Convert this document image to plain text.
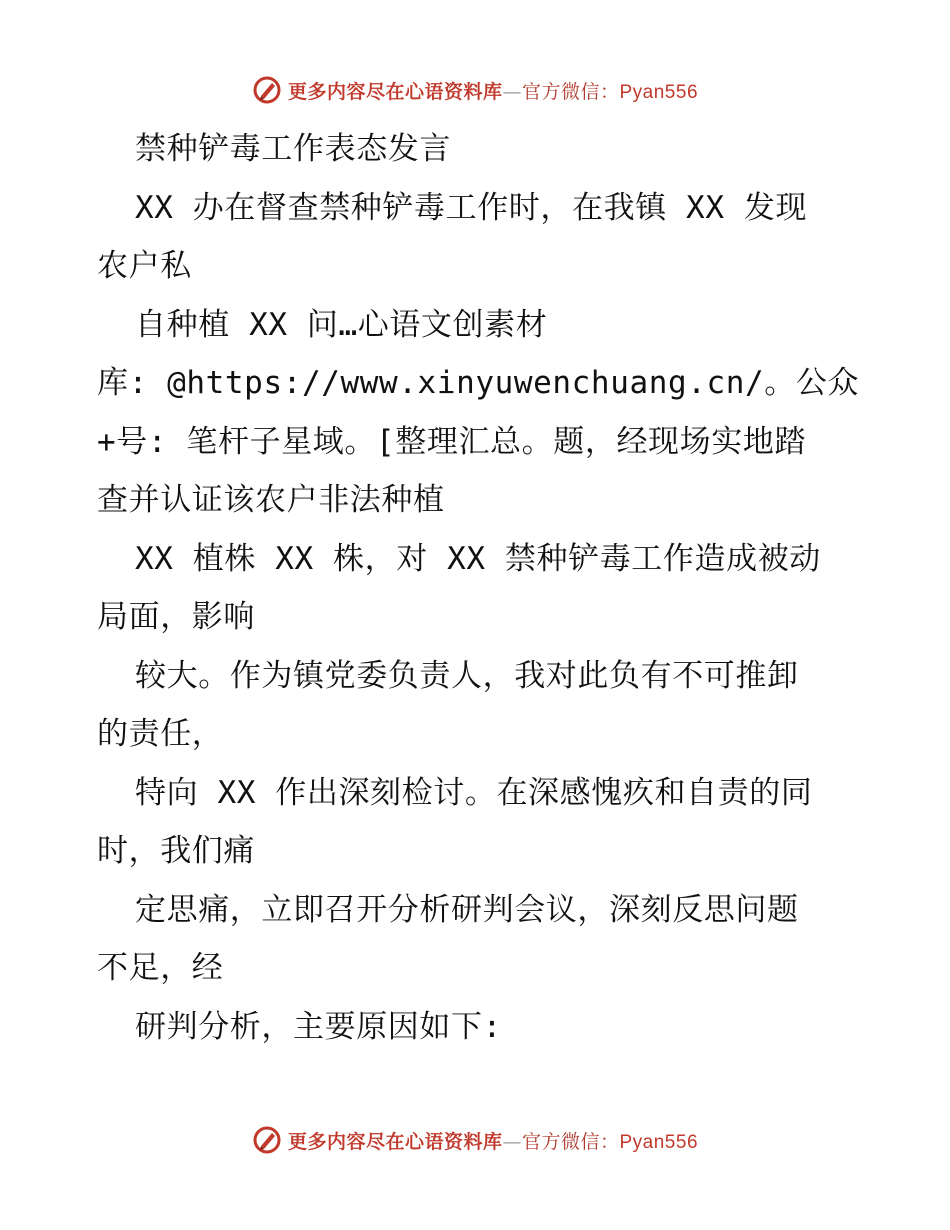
更多内容尽在心语资料库—官方微信：Pyan556
禁种铲毒工作表态发言
XX 办在督查禁种铲毒工作时，在我镇 XX 发现
农户私
自种植 XX 问…心语文创素材
库: @https://www.xinyuwenchuang.cn/。公众
+号: 笔杆子星域。[整理汇总。题，经现场实地踏
查并认证该农户非法种植
XX 植株 XX 株，对 XX 禁种铲毒工作造成被动
局面，影响
较大。作为镇党委负责人，我对此负有不可推卸
的责任，
特向 XX 作出深刻检讨。在深感愧疚和自责的同
时，我们痛
定思痛，立即召开分析研判会议，深刻反思问题
不足，经
研判分析，主要原因如下:
更多内容尽在心语资料库—官方微信：Pyan556
